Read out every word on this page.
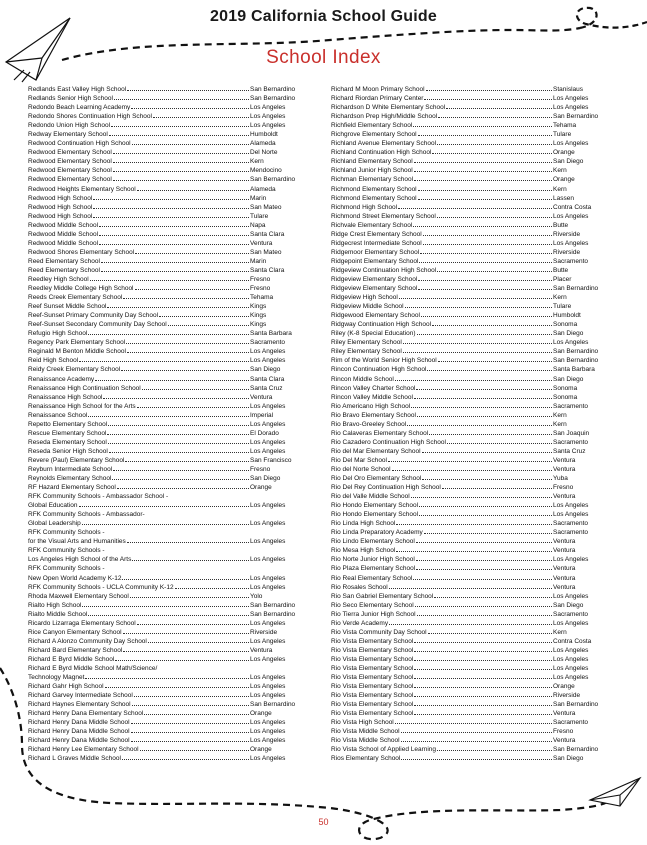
2019 California School Guide
School Index
Redlands East Valley High School	San Bernardino
Redlands Senior High School	San Bernardino
Redondo Beach Learning Academy	Los Angeles
Redondo Shores Continuation High School	Los Angeles
Redondo Union High School	Los Angeles
Redway Elementary School	Humboldt
Redwood Continuation High School	Alameda
Redwood Elementary School	Del Norte
Redwood Elementary School	Kern
Redwood Elementary School	Mendocino
Redwood Elementary School	San Bernardino
Redwood Heights Elementary School	Alameda
Redwood High School	Marin
Redwood High School	San Mateo
Redwood High School	Tulare
Redwood Middle School	Napa
Redwood Middle School	Santa Clara
Redwood Middle School	Ventura
Redwood Shores Elementary School	San Mateo
Reed Elementary School	Marin
Reed Elementary School	Santa Clara
Reedley High School	Fresno
Reedley Middle College High School	Fresno
Reeds Creek Elementary School	Tehama
Reef Sunset Middle School	Kings
Reef-Sunset Primary Community Day School	Kings
Reef-Sunset Secondary Community Day School	Kings
Refugio High School	Santa Barbara
Regency Park Elementary School	Sacramento
Reginald M Benton Middle School	Los Angeles
Reid High School	Los Angeles
Reidy Creek Elementary School	San Diego
Renaissance Academy	Santa Clara
Renaissance High Continuation School	Santa Cruz
Renaissance High School	Ventura
Renaissance High School for the Arts	Los Angeles
Renaissance School	Imperial
Repetto Elementary School	Los Angeles
Rescue Elementary School	El Dorado
Reseda Elementary School	Los Angeles
Reseda Senior High School	Los Angeles
Revere (Paul) Elementary School	San Francisco
Reyburn Intermediate School	Fresno
Reynolds Elementary School	San Diego
RF Hazard Elementary School	Orange
RFK Community Schools - Ambassador School -
Global Education	Los Angeles
RFK Community Schools - Ambassador-
Global Leadership	Los Angeles
RFK Community Schools -
for the Visual Arts and Humanities	Los Angeles
RFK Community Schools -
Los Angeles High School of the Arts	Los Angeles
RFK Community Schools -
New Open World Academy K-12	Los Angeles
RFK Community Schools - UCLA Community K-12	Los Angeles
Rhoda Maxwell Elementary School	Yolo
Rialto High School	San Bernardino
Rialto Middle School	San Bernardino
Ricardo Lizarraga Elementary School	Los Angeles
Rice Canyon Elementary School	Riverside
Richard A Alonzo Community Day School	Los Angeles
Richard Bard Elementary School	Ventura
Richard E Byrd Middle School	Los Angeles
Richard E Byrd Middle School Math/Science/
Technology Magnet	Los Angeles
Richard Gahr High School	Los Angeles
Richard Garvey Intermediate School	Los Angeles
Richard Haynes Elementary School	San Bernardino
Richard Henry Dana Elementary School	Orange
Richard Henry Dana Middle School	Los Angeles
Richard Henry Dana Middle School	Los Angeles
Richard Henry Dana Middle School	Los Angeles
Richard Henry Lee Elementary School	Orange
Richard L Graves Middle School	Los Angeles
Richard M Moon Primary School	Stanislaus
Richard Riordan Primary Center	Los Angeles
Richardson D White Elementary School	Los Angeles
Richardson Prep High/Middle School	San Bernardino
Richfield Elementary School	Tehama
Richgrove Elementary School	Tulare
Richland Avenue Elementary School	Los Angeles
Richland Continuation High School	Orange
Richland Elementary School	San Diego
Richland Junior High School	Kern
Richman Elementary School	Orange
Richmond Elementary School	Kern
Richmond Elementary School	Lassen
Richmond High School	Contra Costa
Richmond Street Elementary School	Los Angeles
Richvale Elementary School	Butte
Ridge Crest Elementary School	Riverside
Ridgecrest Intermediate School	Los Angeles
Ridgemoor Elementary School	Riverside
Ridgepoint Elementary School	Sacramento
Ridgeview Continuation High School	Butte
Ridgeview Elementary School	Placer
Ridgeview Elementary School	San Bernardino
Ridgeview High School	Kern
Ridgeview Middle School	Tulare
Ridgewood Elementary School	Humboldt
Ridgway Continuation High School	Sonoma
Riley (K-8 Special Education)	San Diego
Riley Elementary School	Los Angeles
Riley Elementary School	San Bernardino
Rim of the World Senior High School	San Bernardino
Rincon Continuation High School	Santa Barbara
Rincon Middle School	San Diego
Rincon Valley Charter School	Sonoma
Rincon Valley Middle School	Sonoma
Rio Americano High School	Sacramento
Rio Bravo Elementary School	Kern
Rio Bravo-Greeley School	Kern
Rio Calaveras Elementary School	San Joaquin
Rio Cazadero Continuation High School	Sacramento
Rio del Mar Elementary School	Santa Cruz
Rio Del Mar School	Ventura
Rio del Norte School	Ventura
Rio Del Oro Elementary School	Yuba
Rio Del Rey Continuation High School	Fresno
Rio del Valle Middle School	Ventura
Rio Hondo Elementary School	Los Angeles
Rio Hondo Elementary School	Los Angeles
Rio Linda High School	Sacramento
Rio Linda Preparatory Academy	Sacramento
Rio Lindo Elementary School	Ventura
Rio Mesa High School	Ventura
Rio Norte Junior High School	Los Angeles
Rio Plaza Elementary School	Ventura
Rio Real Elementary School	Ventura
Rio Rosales School	Ventura
Rio San Gabriel Elementary School	Los Angeles
Rio Seco Elementary School	San Diego
Rio Tierra Junior High School	Sacramento
Rio Verde Academy	Los Angeles
Rio Vista Community Day School	Kern
Rio Vista Elementary School	Contra Costa
Rio Vista Elementary School	Los Angeles
Rio Vista Elementary School	Los Angeles
Rio Vista Elementary School	Los Angeles
Rio Vista Elementary School	Los Angeles
Rio Vista Elementary School	Orange
Rio Vista Elementary School	Riverside
Rio Vista Elementary School	San Bernardino
Rio Vista Elementary School	Ventura
Rio Vista High School	Sacramento
Rio Vista Middle School	Fresno
Rio Vista Middle School	Ventura
Rio Vista School of Applied Learning	San Bernardino
Rios Elementary School	San Diego
50
